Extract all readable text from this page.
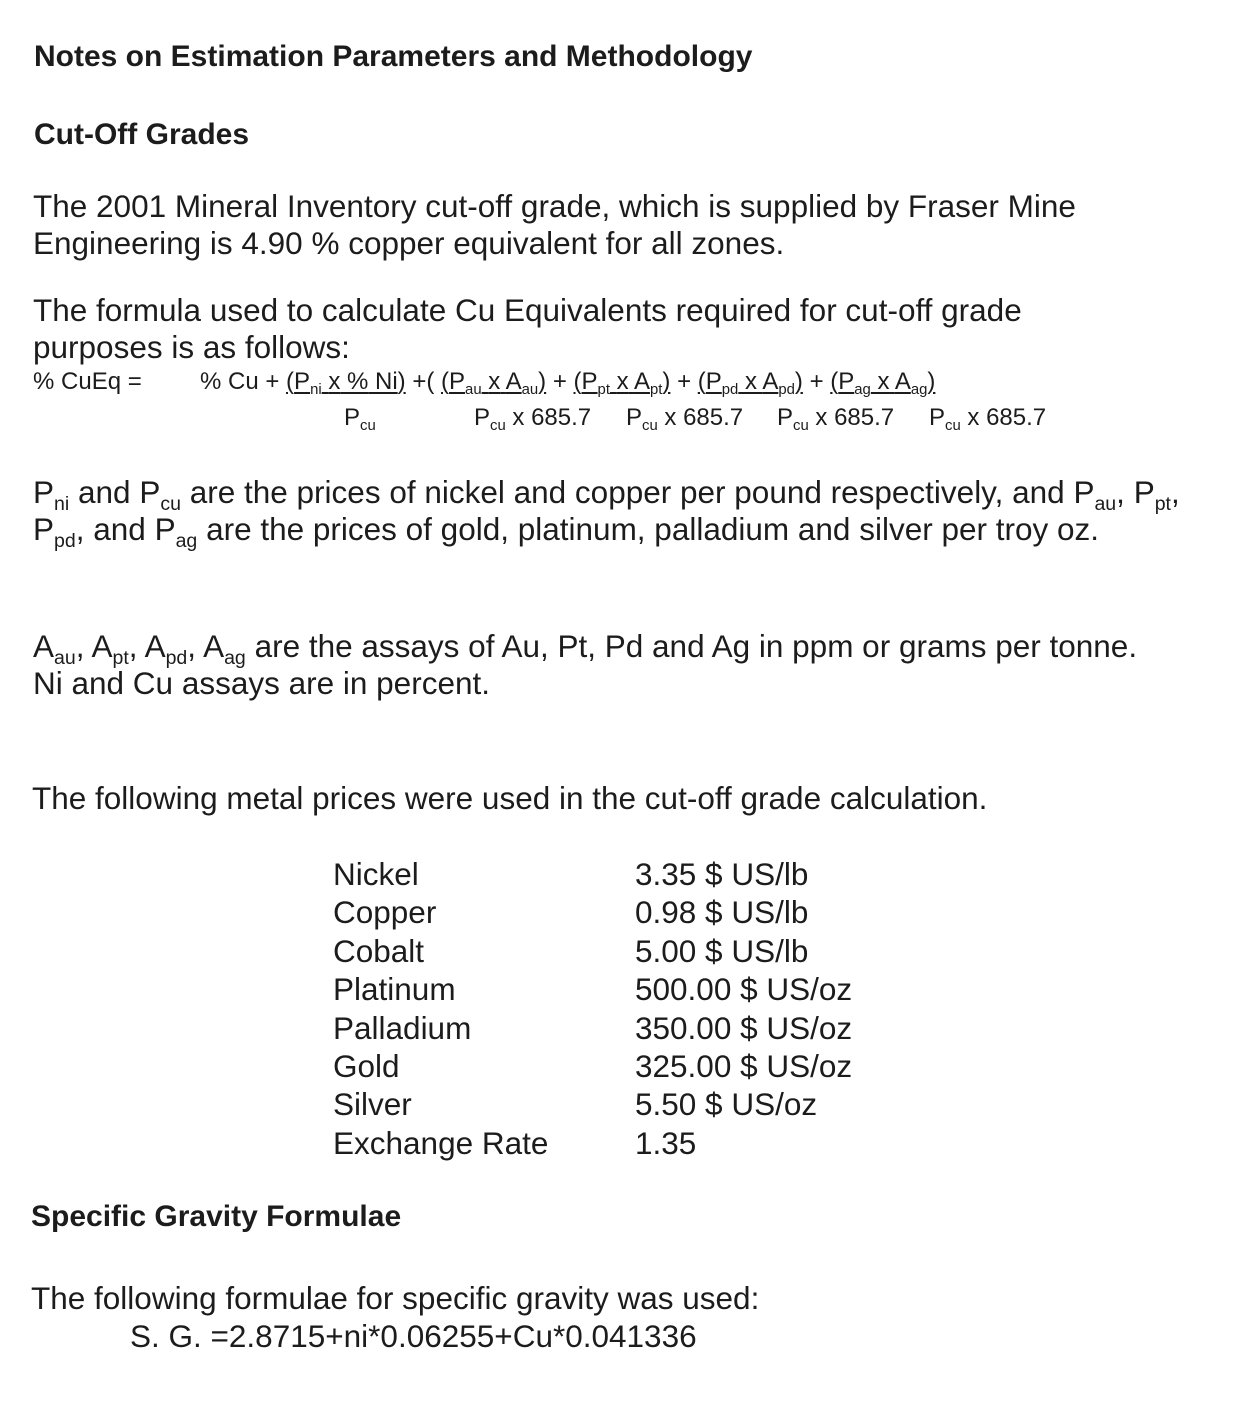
Notes on Estimation Parameters and Methodology
Cut-Off Grades
The 2001 Mineral Inventory cut-off grade, which is supplied by Fraser Mine Engineering is 4.90 % copper equivalent for all zones.
The formula used to calculate Cu Equivalents required for cut-off grade purposes is as follows:
% CuEq = % $Cu + (P_{ni}$ x % Ni) +( ($P_{au}$ x $A_{au}) + (P_{pt}$ x $A_{pt}) + (P_{pd}$ x $A_{pd}) + (P_{ag}$ x $A_{ag}$)
$P_{cu}$	$P_{cu}$ x 685.7 $P_{cu}$ x 685.7 $P_{cu}$ x 685.7 $P_{cu}$ x 685.7
$P_{ni}$ and $P_{cu}$ are the prices of nickel and copper per pound respectively, and $P_{au}$, $P_{pt}$, $P_{pd}$, and $P_{ag}$ are the prices of gold, platinum, palladium and silver per troy oz.
$A_{au}$, $A_{pt}$, $A_{pd}$, $A_{ag}$ are the assays of Au, Pt, Pd and Ag in ppm or grams per tonne. Ni and Cu assays are in percent.
The following metal prices were used in the cut-off grade calculation.
Nickel	3.35 $ US/lb
Copper	0.98 $ US/lb
Cobalt	5.00 $ US/lb
Platinum	500.00 $ US/oz
Palladium	350.00 $ US/oz
Gold	325.00 $ US/oz
Silver	5.50 $ US/oz
Exchange Rate	1.35
Specific Gravity Formulae
The following formulae for specific gravity was used:
S. G. =2.8715+ni*0.06255+Cu*0.041336
